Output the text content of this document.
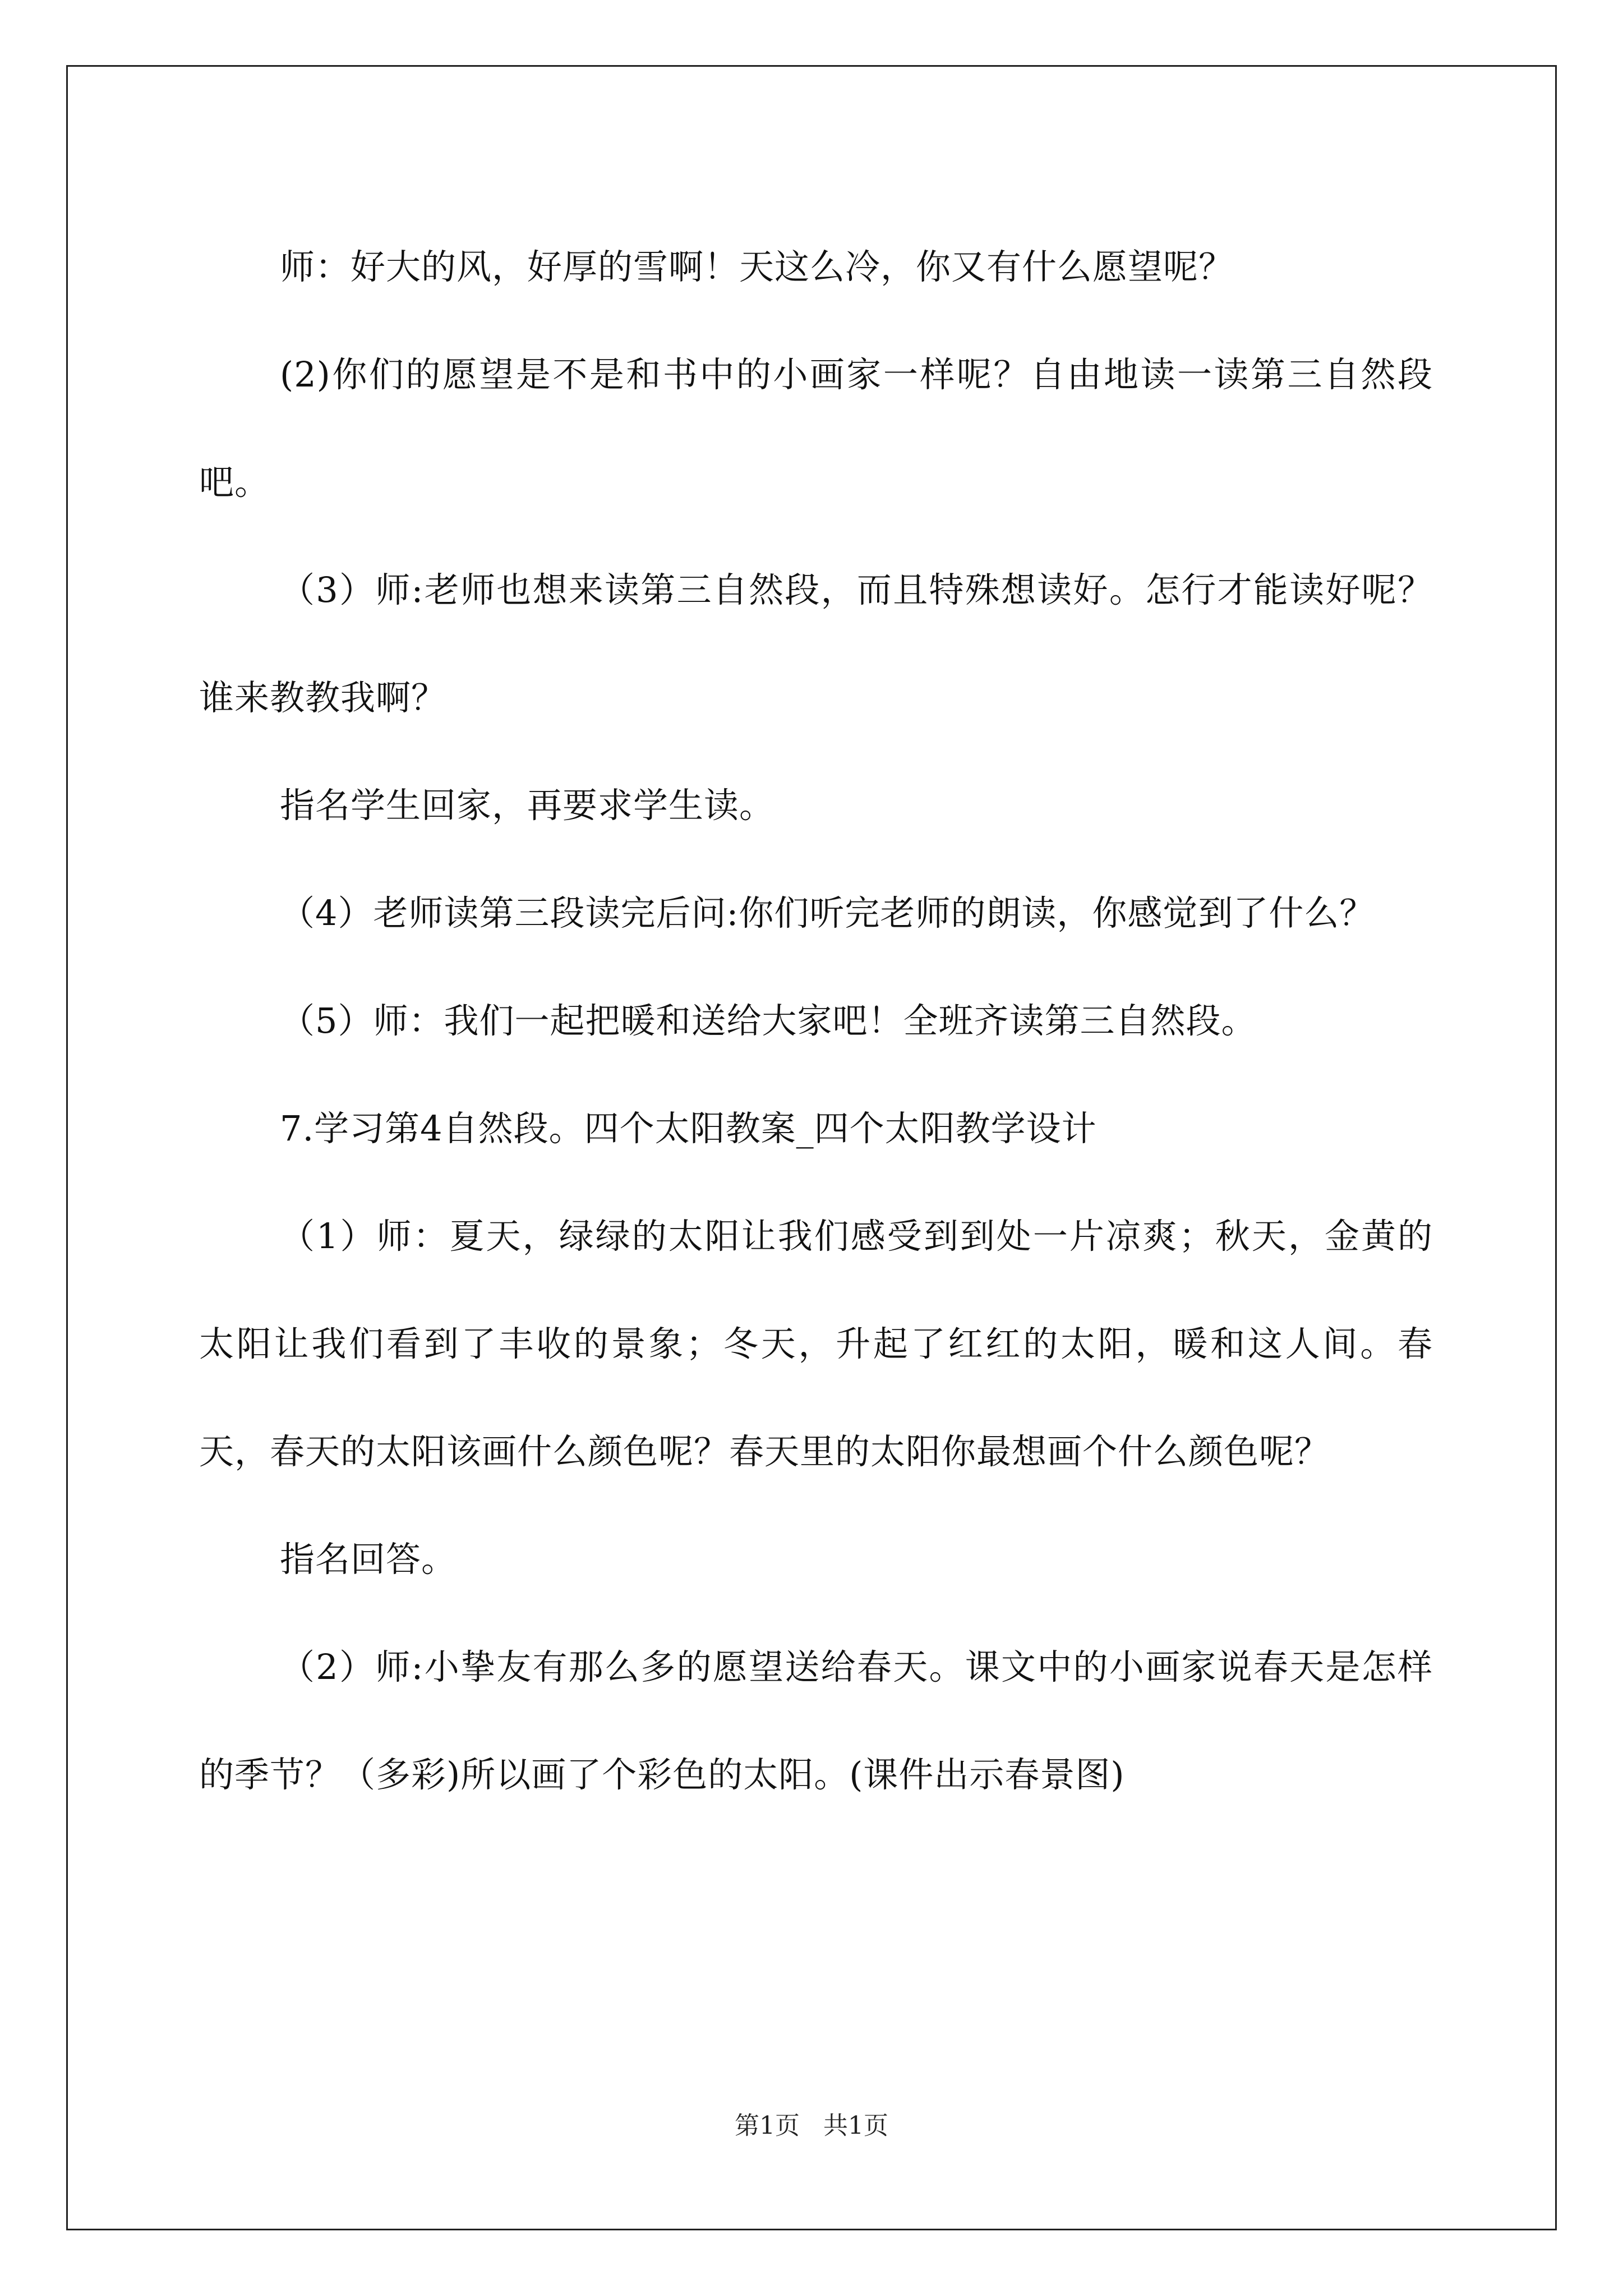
师：好大的风，好厚的雪啊！天这么冷，你又有什么愿望呢？

(2)你们的愿望是不是和书中的小画家一样呢？自由地读一读第三自然段吧。

（3）师:老师也想来读第三自然段，而且特殊想读好。怎行才能读好呢？谁来教教我啊？

指名学生回家，再要求学生读。

（4）老师读第三段读完后问:你们听完老师的朗读，你感觉到了什么？

（5）师：我们一起把暖和送给大家吧！全班齐读第三自然段。

7.学习第4自然段。四个太阳教案_四个太阳教学设计

（1）师：夏天，绿绿的太阳让我们感受到到处一片凉爽；秋天，金黄的太阳让我们看到了丰收的景象；冬天，升起了红红的太阳，暖和这人间。春天，春天的太阳该画什么颜色呢？春天里的太阳你最想画个什么颜色呢？

指名回答。

（2）师:小挚友有那么多的愿望送给春天。课文中的小画家说春天是怎样的季节？（多彩)所以画了个彩色的太阳。(课件出示春景图)

第1页   共1页
